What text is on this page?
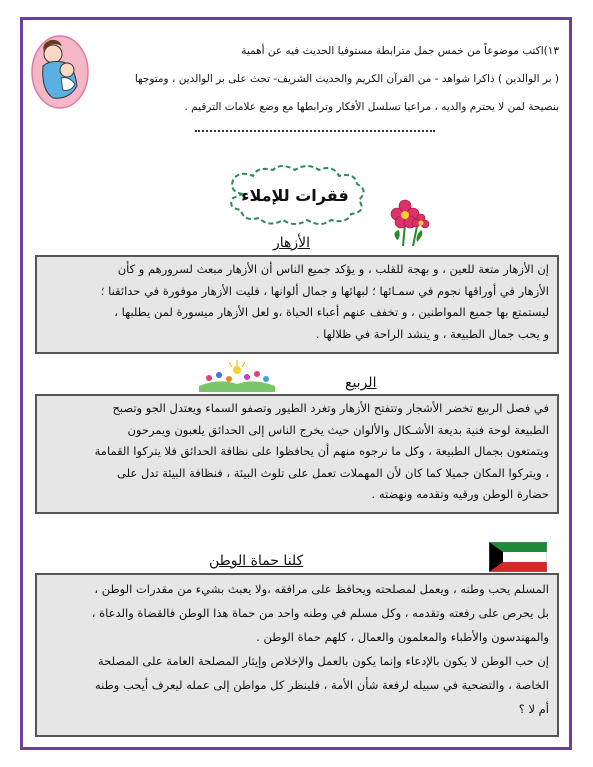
١٣)اكتب موضوعاً من خمس جمل مترابطة مستوفيا الحديث فيه عن أهمية
( بر الوالدين ) ذاكرا شواهد - من القرآن الكريم والحديث الشريف- تحث على بر الوالدين ، ومتوجها
بنصيحة لمن لا يحترم والديه ، مراعيا تسلسل الأفكار وترابطها مع وضع علامات الترقيم .
فقرات للإملاء
الأزهار

إن الأزهار متعة للعين ، و بهجة للقلب ، و يؤكد جميع الناس أن الأزهار مبعث لسرورهم و كأن

الأزهار في أوراقها نجوم في سمـائها ؛ لبهائها و جمال ألوانها ، فليت الأزهار موفورة في حدائقنا ؛

ليستمتع بها جميع المواطنين ، و تخفف عنهم أعباء الحياة ،و لعل الأزهار ميسورة لمن يطلبها ،

و يحب جمال الطبيعة ، و ينشد الراحة في ظلالها .

الربيع

في فصل الربيع تخضر الأشجار وتتفتح الأزهار وتغرد الطيور وتصفو السماء ويعتدل الجو وتصبح

الطبيعة لوحة فنية بديعة الأشـكال والألوان حيث يخرج الناس إلى الحدائق يلعبون ويمرحون

ويتمتعون بجمال الطبيعة ، وكل ما نرجوه منهم أن يحافظوا على نظافة الحدائق فلا يتركوا القمامة

، ويتركوا المكان جميلا كما كان لأن المهملات تعمل على تلوث البيئة ، فنظافة البيئة تدل على

حضارة الوطن ورقيه وتقدمه ونهضته .

كلنا حماة الوطن

المسلم يحب وطنه ، ويعمل لمصلحته ويحافظ على مرافقه ،ولا يعبث بشيء من مقدرات الوطن ،

بل يحرص على رفعته وتقدمه ، وكل مسلم في وطنه واحد من حماة هذا الوطن فالقضاة والدعاة ،

والمهندسون والأطباء والمعلمون والعمال ، كلهم حماة الوطن .

إن حب الوطن لا يكون بالإدعاء وإنما يكون بالعمل والإخلاص وإيثار المصلحة العامة على المصلحة

الخاصة ، والتضحية في سبيله لرفعة شأن الأمة ، فلينظر كل مواطن إلى عمله ليعرف أيحب وطنه

أم لا ؟
